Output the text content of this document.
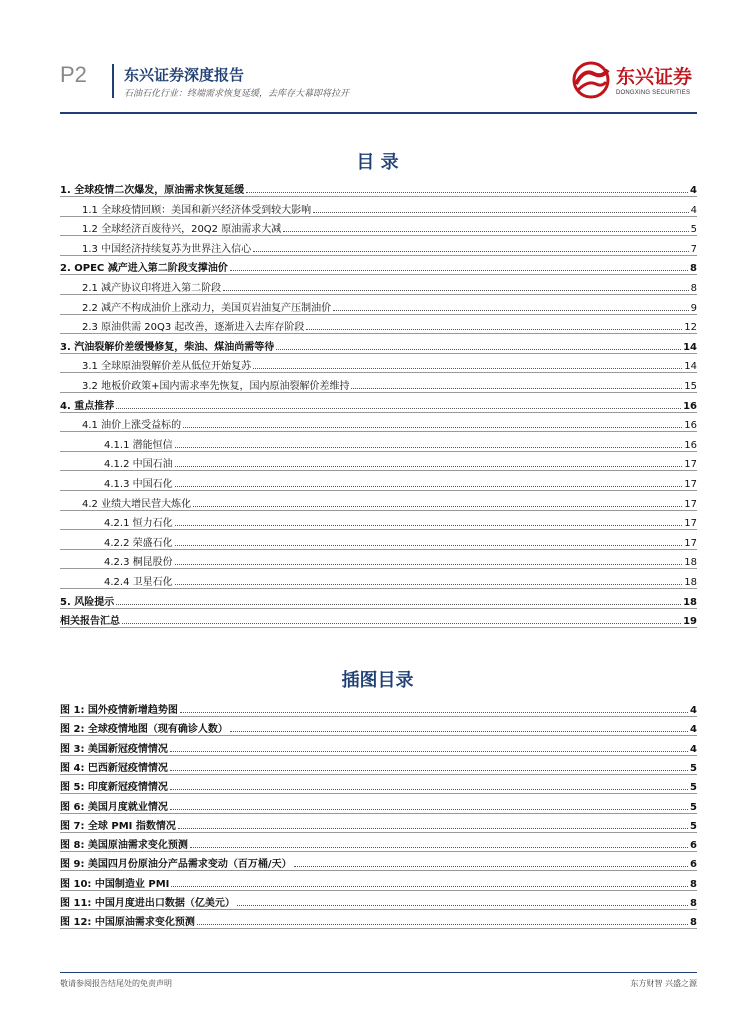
P2 东兴证券深度报告
石油石化行业：终端需求恢复延缓，去库存大幕即将拉开
东兴证券
DONGXING SECURITIES
目 录
1. 全球疫情二次爆发，原油需求恢复延缓	4
1.1 全球疫情回顾：美国和新兴经济体受到较大影响	4
1.2 全球经济百废待兴，20Q2 原油需求大减	5
1.3 中国经济持续复苏为世界注入信心	7
2. OPEC 减产进入第二阶段支撑油价	8
2.1 减产协议印将进入第二阶段	8
2.2 减产不构成油价上涨动力，美国页岩油复产压制油价	9
2.3 原油供需 20Q3 起改善，逐渐进入去库存阶段	12
3. 汽油裂解价差缓慢修复，柴油、煤油尚需等待	14
3.1 全球原油裂解价差从低位开始复苏	14
3.2 地板价政策+国内需求率先恢复，国内原油裂解价差维持	15
4. 重点推荐	16
4.1 油价上涨受益标的	16
4.1.1 潜能恒信	16
4.1.2 中国石油	17
4.1.3 中国石化	17
4.2 业绩大增民营大炼化	17
4.2.1 恒力石化	17
4.2.2 荣盛石化	17
4.2.3 桐昆股份	18
4.2.4 卫星石化	18
5. 风险提示	18
相关报告汇总	19
插图目录
图 1: 国外疫情新增趋势图	4
图 2: 全球疫情地图（现有确诊人数）	4
图 3: 美国新冠疫情情况	4
图 4: 巴西新冠疫情情况	5
图 5: 印度新冠疫情情况	5
图 6: 美国月度就业情况	5
图 7: 全球 PMI 指数情况	5
图 8: 美国原油需求变化预测	6
图 9: 美国四月份原油分产品需求变动（百万桶/天）	6
图 10: 中国制造业 PMI	8
图 11: 中国月度进出口数据（亿美元）	8
图 12: 中国原油需求变化预测	8
敬请参阅报告结尾处的免责声明	东方财智 兴盛之源
